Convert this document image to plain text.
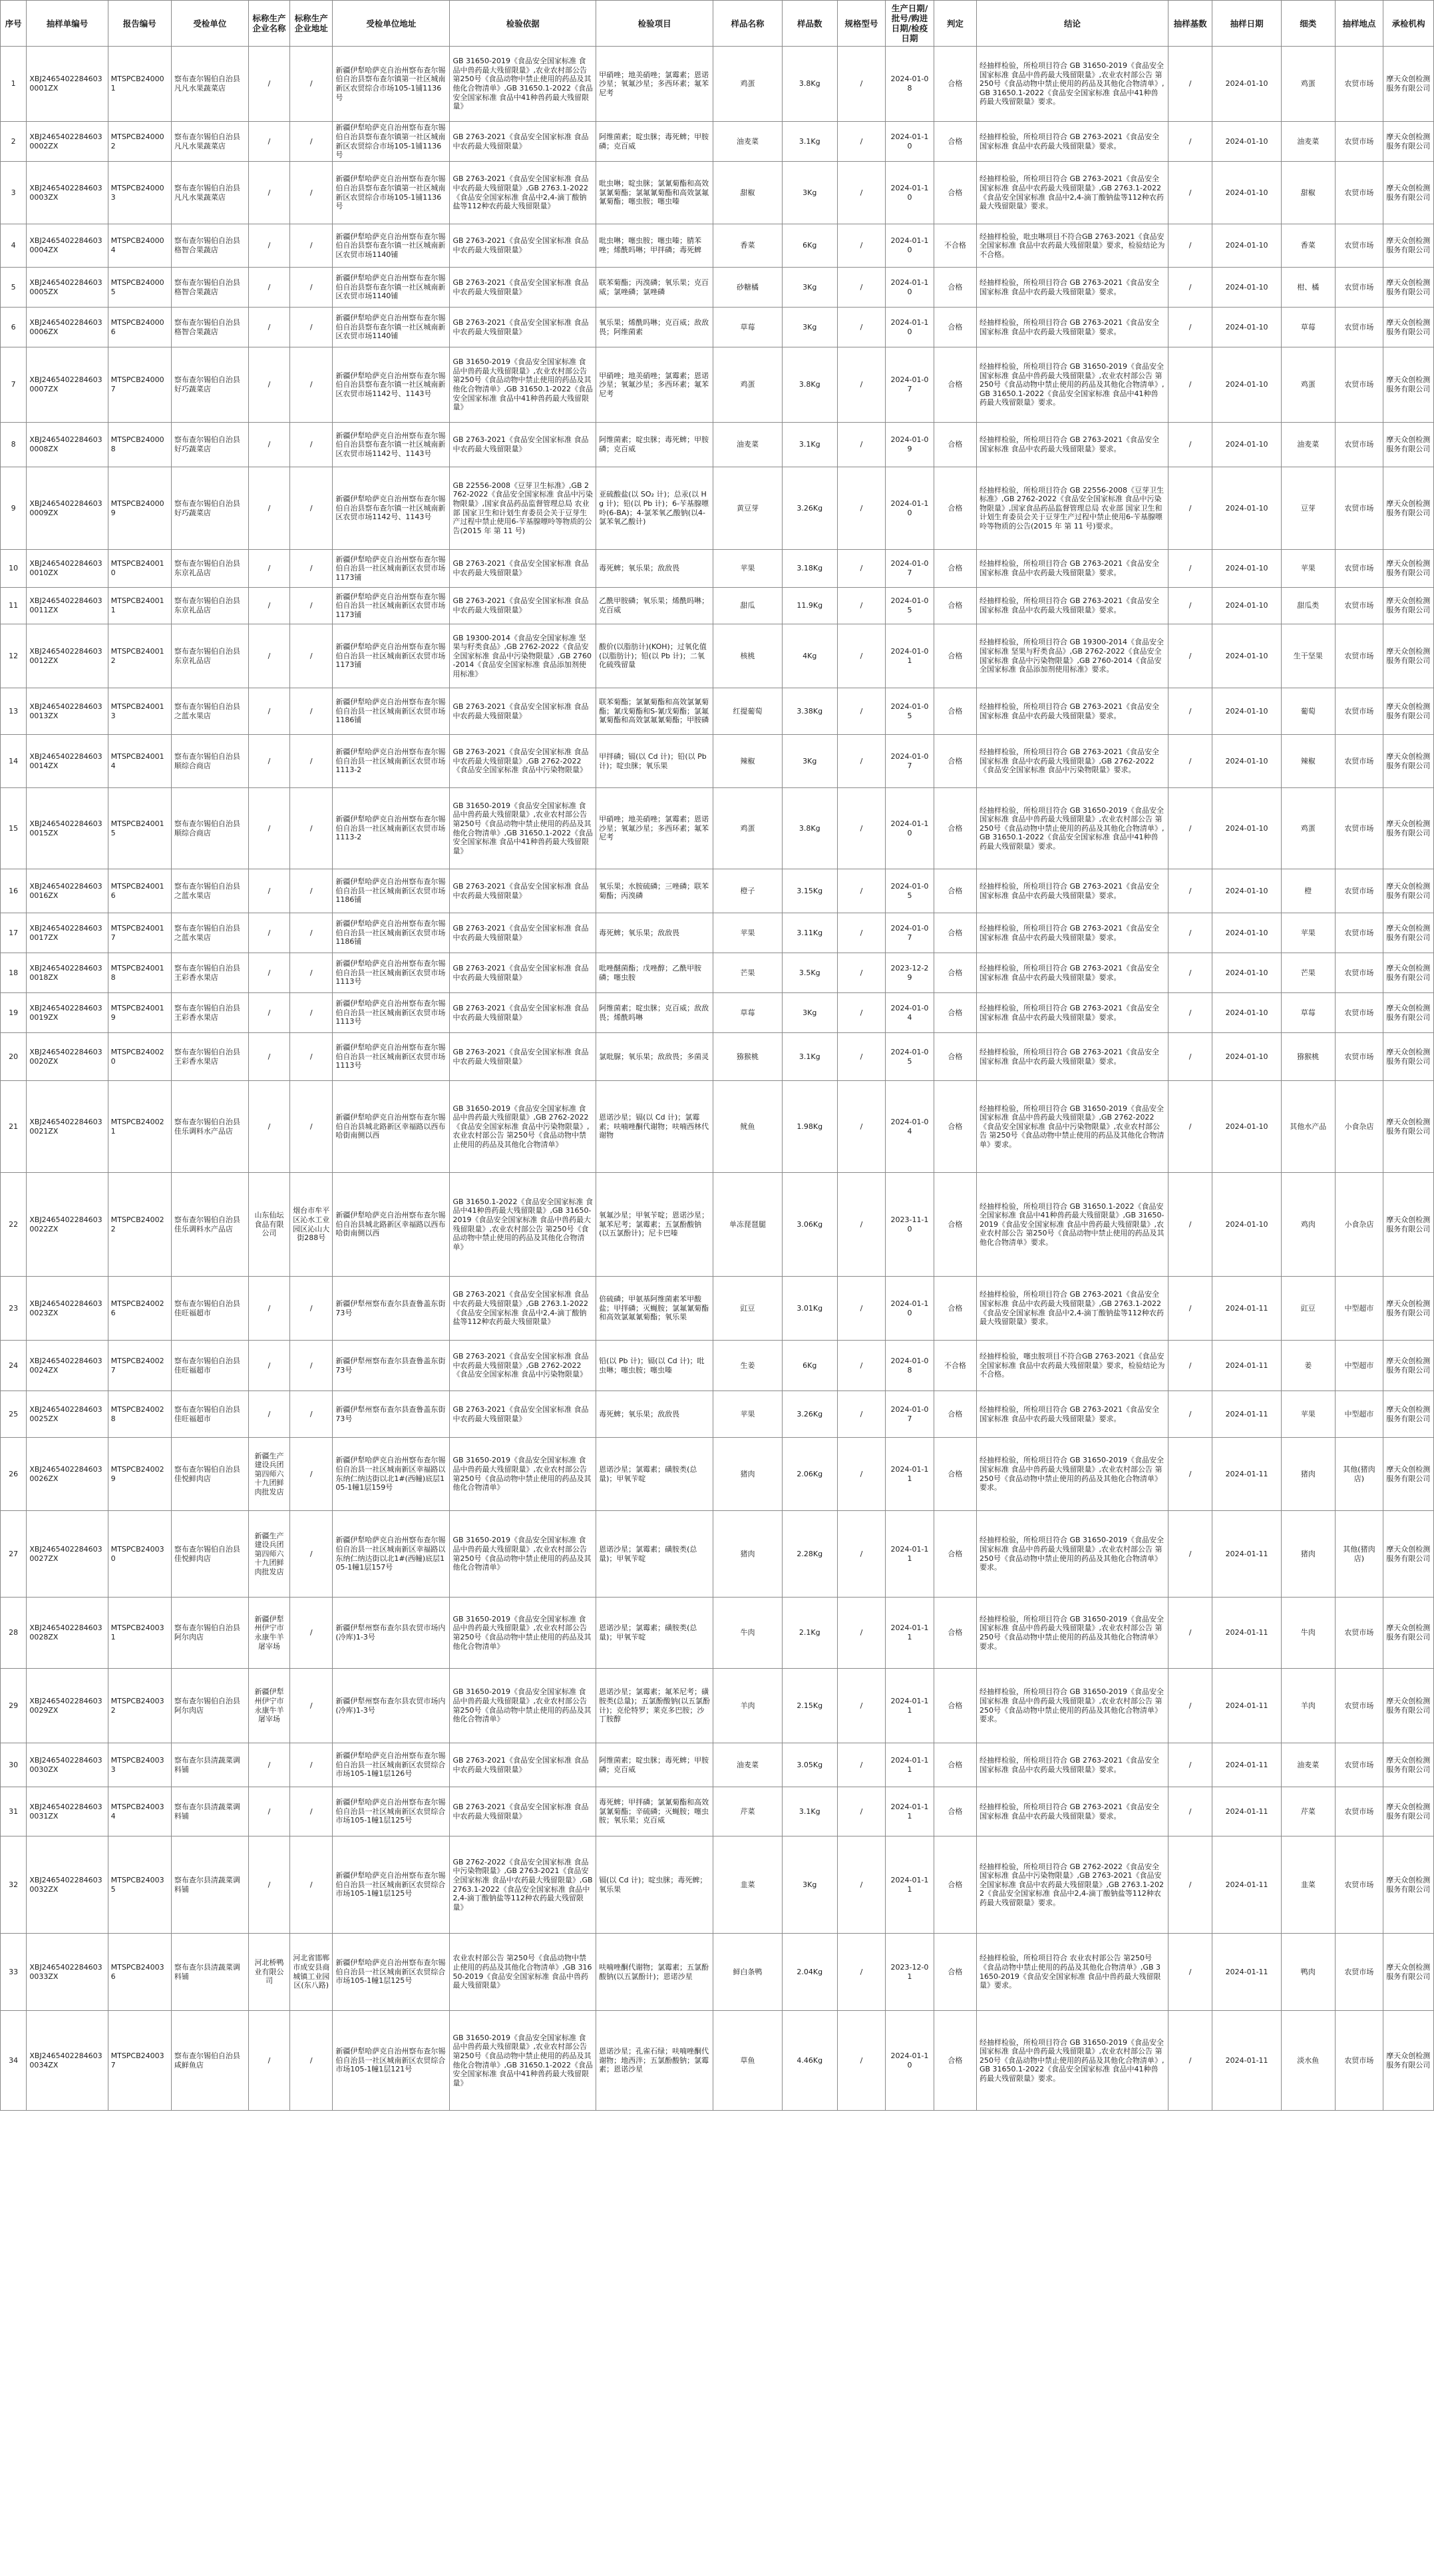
序号	抽样单编号	报告编号	受检单位	标称生产企业名称	标称生产企业地址	受检单位地址	检验依据	检验项目	样品名称	样品数	规格型号	生产日期/批号/购进日期/检疫日期	判定	结论	抽样基数	抽样日期	细类	抽样地点	承检机构
1	XBJ24654022846030001ZX	MTSPCB240001	察布查尔锡伯自治县凡凡水果蔬菜店	/	/	新疆伊犁哈萨克自治州察布查尔锡伯自治县察布查尔镇第一社区城南新区农贸综合市场105-1铺1136号	GB 31650-2019《食品安全国家标准 食品中兽药最大残留限量》,农业农村部公告 第250号《食品动物中禁止使用的药品及其他化合物清单》,GB 31650.1-2022《食品安全国家标准 食品中41种兽药最大残留限量》	甲硝唑；地美硝唑；氯霉素；恩诺沙星；氧氟沙星；多西环素；氟苯尼考	鸡蛋	3.8Kg	/	2024-01-08	合格	经抽样检验，所检项目符合 GB 31650-2019《食品安全国家标准 食品中兽药最大残留限量》,农业农村部公告 第250号《食品动物中禁止使用的药品及其他化合物清单》,GB 31650.1-2022《食品安全国家标准 食品中41种兽药最大残留限量》要求。	/	2024-01-10	鸡蛋	农贸市场	摩天众创检测服务有限公司
2	XBJ24654022846030002ZX	MTSPCB240002	察布查尔锡伯自治县凡凡水果蔬菜店	/	/	新疆伊犁哈萨克自治州察布查尔锡伯自治县察布查尔镇第一社区城南新区农贸综合市场105-1铺1136号	GB 2763-2021《食品安全国家标准 食品中农药最大残留限量》	阿维菌素；啶虫脒；毒死蜱；甲胺磷；克百威	油麦菜	3.1Kg	/	2024-01-10	合格	经抽样检验，所检项目符合 GB 2763-2021《食品安全国家标准 食品中农药最大残留限量》要求。	/	2024-01-10	油麦菜	农贸市场	摩天众创检测服务有限公司
3	XBJ24654022846030003ZX	MTSPCB240003	察布查尔锡伯自治县凡凡水果蔬菜店	/	/	新疆伊犁哈萨克自治州察布查尔锡伯自治县察布查尔镇第一社区城南新区农贸综合市场105-1铺1136号	GB 2763-2021《食品安全国家标准 食品中农药最大残留限量》,GB 2763.1-2022《食品安全国家标准 食品中2,4-滴丁酸钠盐等112种农药最大残留限量》	吡虫啉；啶虫脒；氯氰菊酯和高效氯氰菊酯；氯氟氰菊酯和高效氯氟氰菊酯；噻虫胺；噻虫嗪	甜椒	3Kg	/	2024-01-10	合格	经抽样检验，所检项目符合 GB 2763-2021《食品安全国家标准 食品中农药最大残留限量》,GB 2763.1-2022《食品安全国家标准 食品中2,4-滴丁酸钠盐等112种农药最大残留限量》要求。	/	2024-01-10	甜椒	农贸市场	摩天众创检测服务有限公司
4	XBJ24654022846030004ZX	MTSPCB240004	察布查尔锡伯自治县格智合果蔬店	/	/	新疆伊犁哈萨克自治州察布查尔锡伯自治县察布查尔镇一社区城南新区农贸市场1140铺	GB 2763-2021《食品安全国家标准 食品中农药最大残留限量》	吡虫啉；噻虫胺；噻虫嗪；腈苯唑；烯酰吗啉；甲拌磷；毒死蜱	香菜	6Kg	/	2024-01-10	不合格	经抽样检验，吡虫啉项目不符合GB 2763-2021《食品安全国家标准 食品中农药最大残留限量》要求，检验结论为不合格。	/	2024-01-10	香菜	农贸市场	摩天众创检测服务有限公司
5	XBJ24654022846030005ZX	MTSPCB240005	察布查尔锡伯自治县格智合果蔬店	/	/	新疆伊犁哈萨克自治州察布查尔锡伯自治县察布查尔镇一社区城南新区农贸市场1140铺	GB 2763-2021《食品安全国家标准 食品中农药最大残留限量》	联苯菊酯；丙溴磷；氧乐果；克百威；氯唑磷；氯唑磷	砂糖橘	3Kg	/	2024-01-10	合格	经抽样检验，所检项目符合 GB 2763-2021《食品安全国家标准 食品中农药最大残留限量》要求。	/	2024-01-10	柑、橘	农贸市场	摩天众创检测服务有限公司
6	XBJ24654022846030006ZX	MTSPCB240006	察布查尔锡伯自治县格智合果蔬店	/	/	新疆伊犁哈萨克自治州察布查尔锡伯自治县察布查尔镇一社区城南新区农贸市场1140铺	GB 2763-2021《食品安全国家标准 食品中农药最大残留限量》	氧乐果；烯酰吗啉；克百威；敌敌畏；阿维菌素	草莓	3Kg	/	2024-01-10	合格	经抽样检验，所检项目符合 GB 2763-2021《食品安全国家标准 食品中农药最大残留限量》要求。	/	2024-01-10	草莓	农贸市场	摩天众创检测服务有限公司
7	XBJ24654022846030007ZX	MTSPCB240007	察布查尔锡伯自治县好巧蔬菜店	/	/	新疆伊犁哈萨克自治州察布查尔锡伯自治县察布查尔镇一社区城南新区农贸市场1142号、1143号	GB 31650-2019《食品安全国家标准 食品中兽药最大残留限量》,农业农村部公告 第250号《食品动物中禁止使用的药品及其他化合物清单》,GB 31650.1-2022《食品安全国家标准 食品中41种兽药最大残留限量》	甲硝唑；地美硝唑；氯霉素；恩诺沙星；氧氟沙星；多西环素；氟苯尼考	鸡蛋	3.8Kg	/	2024-01-07	合格	经抽样检验，所检项目符合 GB 31650-2019《食品安全国家标准 食品中兽药最大残留限量》,农业农村部公告 第250号《食品动物中禁止使用的药品及其他化合物清单》,GB 31650.1-2022《食品安全国家标准 食品中41种兽药最大残留限量》要求。	/	2024-01-10	鸡蛋	农贸市场	摩天众创检测服务有限公司
8	XBJ24654022846030008ZX	MTSPCB240008	察布查尔锡伯自治县好巧蔬菜店	/	/	新疆伊犁哈萨克自治州察布查尔锡伯自治县察布查尔镇一社区城南新区农贸市场1142号、1143号	GB 2763-2021《食品安全国家标准 食品中农药最大残留限量》	阿维菌素；啶虫脒；毒死蜱；甲胺磷；克百威	油麦菜	3.1Kg	/	2024-01-09	合格	经抽样检验，所检项目符合 GB 2763-2021《食品安全国家标准 食品中农药最大残留限量》要求。	/	2024-01-10	油麦菜	农贸市场	摩天众创检测服务有限公司
9	XBJ24654022846030009ZX	MTSPCB240009	察布查尔锡伯自治县好巧蔬菜店	/	/	新疆伊犁哈萨克自治州察布查尔锡伯自治县察布查尔镇一社区城南新区农贸市场1142号、1143号	GB 22556-2008《豆芽卫生标准》,GB 2762-2022《食品安全国家标准 食品中污染物限量》,国家食品药品监督管理总局 农业部 国家卫生和计划生育委员会关于豆芽生产过程中禁止使用6-苄基腺嘌呤等物质的公告(2015 年 第 11 号)	亚硫酸盐(以 SO₂ 计)；总汞(以 Hg 计)；铅(以 Pb 计)；6-苄基腺嘌呤(6-BA)；4-氯苯氧乙酸钠(以4-氯苯氧乙酸计)	黄豆芽	3.26Kg	/	2024-01-10	合格	经抽样检验，所检项目符合 GB 22556-2008《豆芽卫生标准》,GB 2762-2022《食品安全国家标准 食品中污染物限量》,国家食品药品监督管理总局 农业部 国家卫生和计划生育委员会关于豆芽生产过程中禁止使用6-苄基腺嘌呤等物质的公告(2015 年 第 11 号)要求。	/	2024-01-10	豆芽	农贸市场	摩天众创检测服务有限公司
10	XBJ24654022846030010ZX	MTSPCB240010	察布查尔锡伯自治县东京礼品店	/	/	新疆伊犁哈萨克自治州察布查尔锡伯自治县一社区城南新区农贸市场1173铺	GB 2763-2021《食品安全国家标准 食品中农药最大残留限量》	毒死蜱；氧乐果；敌敌畏	苹果	3.18Kg	/	2024-01-07	合格	经抽样检验，所检项目符合 GB 2763-2021《食品安全国家标准 食品中农药最大残留限量》要求。	/	2024-01-10	苹果	农贸市场	摩天众创检测服务有限公司
11	XBJ24654022846030011ZX	MTSPCB240011	察布查尔锡伯自治县东京礼品店	/	/	新疆伊犁哈萨克自治州察布查尔锡伯自治县一社区城南新区农贸市场1173铺	GB 2763-2021《食品安全国家标准 食品中农药最大残留限量》	乙酰甲胺磷；氧乐果；烯酰吗啉；克百威	甜瓜	11.9Kg	/	2024-01-05	合格	经抽样检验，所检项目符合 GB 2763-2021《食品安全国家标准 食品中农药最大残留限量》要求。	/	2024-01-10	甜瓜类	农贸市场	摩天众创检测服务有限公司
12	XBJ24654022846030012ZX	MTSPCB240012	察布查尔锡伯自治县东京礼品店	/	/	新疆伊犁哈萨克自治州察布查尔锡伯自治县一社区城南新区农贸市场1173铺	GB 19300-2014《食品安全国家标准 坚果与籽类食品》,GB 2762-2022《食品安全国家标准 食品中污染物限量》,GB 2760-2014《食品安全国家标准 食品添加剂使用标准》	酸价(以脂肪计)(KOH)；过氧化值(以脂肪计)；铅(以 Pb 计)；二氧化硫残留量	核桃	4Kg	/	2024-01-01	合格	经抽样检验，所检项目符合 GB 19300-2014《食品安全国家标准 坚果与籽类食品》,GB 2762-2022《食品安全国家标准 食品中污染物限量》,GB 2760-2014《食品安全国家标准 食品添加剂使用标准》要求。	/	2024-01-10	生干坚果	农贸市场	摩天众创检测服务有限公司
13	XBJ24654022846030013ZX	MTSPCB240013	察布查尔锡伯自治县之蓝水果店	/	/	新疆伊犁哈萨克自治州察布查尔锡伯自治县一社区城南新区农贸市场1186铺	GB 2763-2021《食品安全国家标准 食品中农药最大残留限量》	联苯菊酯；氯氰菊酯和高效氯氰菊酯；氰戊菊酯和S-氰戊菊酯；氯氟氰菊酯和高效氯氟氰菊酯；甲胺磷	红提葡萄	3.38Kg	/	2024-01-05	合格	经抽样检验，所检项目符合 GB 2763-2021《食品安全国家标准 食品中农药最大残留限量》要求。	/	2024-01-10	葡萄	农贸市场	摩天众创检测服务有限公司
14	XBJ24654022846030014ZX	MTSPCB240014	察布查尔锡伯自治县顺综合商店	/	/	新疆伊犁哈萨克自治州察布查尔锡伯自治县一社区城南新区农贸市场1113-2	GB 2763-2021《食品安全国家标准 食品中农药最大残留限量》,GB 2762-2022《食品安全国家标准 食品中污染物限量》	甲拌磷；镉(以 Cd 计)；铅(以 Pb 计)；啶虫脒；氧乐果	辣椒	3Kg	/	2024-01-07	合格	经抽样检验，所检项目符合 GB 2763-2021《食品安全国家标准 食品中农药最大残留限量》,GB 2762-2022《食品安全国家标准 食品中污染物限量》要求。	/	2024-01-10	辣椒	农贸市场	摩天众创检测服务有限公司
15	XBJ24654022846030015ZX	MTSPCB240015	察布查尔锡伯自治县顺综合商店	/	/	新疆伊犁哈萨克自治州察布查尔锡伯自治县一社区城南新区农贸市场1113-2	GB 31650-2019《食品安全国家标准 食品中兽药最大残留限量》,农业农村部公告 第250号《食品动物中禁止使用的药品及其他化合物清单》,GB 31650.1-2022《食品安全国家标准 食品中41种兽药最大残留限量》	甲硝唑；地美硝唑；氯霉素；恩诺沙星；氧氟沙星；多西环素；氟苯尼考	鸡蛋	3.8Kg	/	2024-01-10	合格	经抽样检验，所检项目符合 GB 31650-2019《食品安全国家标准 食品中兽药最大残留限量》,农业农村部公告 第250号《食品动物中禁止使用的药品及其他化合物清单》,GB 31650.1-2022《食品安全国家标准 食品中41种兽药最大残留限量》要求。	/	2024-01-10	鸡蛋	农贸市场	摩天众创检测服务有限公司
16	XBJ24654022846030016ZX	MTSPCB240016	察布查尔锡伯自治县之蓝水果店	/	/	新疆伊犁哈萨克自治州察布查尔锡伯自治县一社区城南新区农贸市场1186铺	GB 2763-2021《食品安全国家标准 食品中农药最大残留限量》	氧乐果；水胺硫磷；三唑磷；联苯菊酯；丙溴磷	橙子	3.15Kg	/	2024-01-05	合格	经抽样检验，所检项目符合 GB 2763-2021《食品安全国家标准 食品中农药最大残留限量》要求。	/	2024-01-10	橙	农贸市场	摩天众创检测服务有限公司
17	XBJ24654022846030017ZX	MTSPCB240017	察布查尔锡伯自治县之蓝水果店	/	/	新疆伊犁哈萨克自治州察布查尔锡伯自治县一社区城南新区农贸市场1186铺	GB 2763-2021《食品安全国家标准 食品中农药最大残留限量》	毒死蜱；氧乐果；敌敌畏	苹果	3.11Kg	/	2024-01-07	合格	经抽样检验，所检项目符合 GB 2763-2021《食品安全国家标准 食品中农药最大残留限量》要求。	/	2024-01-10	苹果	农贸市场	摩天众创检测服务有限公司
18	XBJ24654022846030018ZX	MTSPCB240018	察布查尔锡伯自治县王彩香水果店	/	/	新疆伊犁哈萨克自治州察布查尔锡伯自治县一社区城南新区农贸市场1113号	GB 2763-2021《食品安全国家标准 食品中农药最大残留限量》	吡唑醚菌酯；戊唑醇；乙酰甲胺磷；噻虫胺	芒果	3.5Kg	/	2023-12-29	合格	经抽样检验，所检项目符合 GB 2763-2021《食品安全国家标准 食品中农药最大残留限量》要求。	/	2024-01-10	芒果	农贸市场	摩天众创检测服务有限公司
19	XBJ24654022846030019ZX	MTSPCB240019	察布查尔锡伯自治县王彩香水果店	/	/	新疆伊犁哈萨克自治州察布查尔锡伯自治县一社区城南新区农贸市场1113号	GB 2763-2021《食品安全国家标准 食品中农药最大残留限量》	阿维菌素；啶虫脒；克百威；敌敌畏；烯酰吗啉	草莓	3Kg	/	2024-01-04	合格	经抽样检验，所检项目符合 GB 2763-2021《食品安全国家标准 食品中农药最大残留限量》要求。	/	2024-01-10	草莓	农贸市场	摩天众创检测服务有限公司
20	XBJ24654022846030020ZX	MTSPCB240020	察布查尔锡伯自治县王彩香水果店	/	/	新疆伊犁哈萨克自治州察布查尔锡伯自治县一社区城南新区农贸市场1113号	GB 2763-2021《食品安全国家标准 食品中农药最大残留限量》	氯吡脲；氧乐果；敌敌畏；多菌灵	猕猴桃	3.1Kg	/	2024-01-05	合格	经抽样检验，所检项目符合 GB 2763-2021《食品安全国家标准 食品中农药最大残留限量》要求。	/	2024-01-10	猕猴桃	农贸市场	摩天众创检测服务有限公司
21	XBJ24654022846030021ZX	MTSPCB240021	察布查尔锡伯自治县佳乐调料水产品店	/	/	新疆伊犁哈萨克自治州察布查尔锡伯自治县城北路新区幸福路以西布哈街南侧以西	GB 31650-2019《食品安全国家标准 食品中兽药最大残留限量》,GB 2762-2022《食品安全国家标准 食品中污染物限量》,农业农村部公告 第250号《食品动物中禁止使用的药品及其他化合物清单》	恩诺沙星；镉(以 Cd 计)；氯霉素；呋喃唑酮代谢物；呋喃西林代谢物	鱿鱼	1.98Kg	/	2024-01-04	合格	经抽样检验，所检项目符合 GB 31650-2019《食品安全国家标准 食品中兽药最大残留限量》,GB 2762-2022《食品安全国家标准 食品中污染物限量》,农业农村部公告 第250号《食品动物中禁止使用的药品及其他化合物清单》要求。	/	2024-01-10	其他水产品	小食杂店	摩天众创检测服务有限公司
22	XBJ24654022846030022ZX	MTSPCB240022	察布查尔锡伯自治县佳乐调料水产品店	山东仙坛食品有限公司	烟台市牟平区沁水工业园区沁山大街288号	新疆伊犁哈萨克自治州察布查尔锡伯自治县城北路新区幸福路以西布哈街南侧以西	GB 31650.1-2022《食品安全国家标准 食品中41种兽药最大残留限量》,GB 31650-2019《食品安全国家标准 食品中兽药最大残留限量》,农业农村部公告 第250号《食品动物中禁止使用的药品及其他化合物清单》	氧氟沙星；甲氧苄啶；恩诺沙星；氟苯尼考；氯霉素；五氯酚酸钠(以五氯酚计)；尼卡巴嗪	单冻琵琶腿	3.06Kg	/	2023-11-10	合格	经抽样检验，所检项目符合 GB 31650.1-2022《食品安全国家标准 食品中41种兽药最大残留限量》,GB 31650-2019《食品安全国家标准 食品中兽药最大残留限量》,农业农村部公告 第250号《食品动物中禁止使用的药品及其他化合物清单》要求。	/	2024-01-10	鸡肉	小食杂店	摩天众创检测服务有限公司
23	XBJ24654022846030023ZX	MTSPCB240026	察布查尔锡伯自治县佳旺福超市	/	/	新疆伊犁州察布查尔县查鲁盖东街73号	GB 2763-2021《食品安全国家标准 食品中农药最大残留限量》,GB 2763.1-2022《食品安全国家标准 食品中2,4-滴丁酸钠盐等112种农药最大残留限量》	倍硫磷；甲氨基阿维菌素苯甲酸盐；甲拌磷；灭蝇胺；氯氟氰菊酯和高效氯氟氰菊酯；氧乐果	豇豆	3.01Kg	/	2024-01-10	合格	经抽样检验，所检项目符合 GB 2763-2021《食品安全国家标准 食品中农药最大残留限量》,GB 2763.1-2022《食品安全国家标准 食品中2,4-滴丁酸钠盐等112种农药最大残留限量》要求。	/	2024-01-11	豇豆	中型超市	摩天众创检测服务有限公司
24	XBJ24654022846030024ZX	MTSPCB240027	察布查尔锡伯自治县佳旺福超市	/	/	新疆伊犁州察布查尔县查鲁盖东街73号	GB 2763-2021《食品安全国家标准 食品中农药最大残留限量》,GB 2762-2022《食品安全国家标准 食品中污染物限量》	铅(以 Pb 计)；镉(以 Cd 计)；吡虫啉；噻虫胺；噻虫嗪	生姜	6Kg	/	2024-01-08	不合格	经抽样检验，噻虫胺项目不符合GB 2763-2021《食品安全国家标准 食品中农药最大残留限量》要求，检验结论为不合格。	/	2024-01-11	姜	中型超市	摩天众创检测服务有限公司
25	XBJ24654022846030025ZX	MTSPCB240028	察布查尔锡伯自治县佳旺福超市	/	/	新疆伊犁州察布查尔县查鲁盖东街73号	GB 2763-2021《食品安全国家标准 食品中农药最大残留限量》	毒死蜱；氧乐果；敌敌畏	苹果	3.26Kg	/	2024-01-07	合格	经抽样检验，所检项目符合 GB 2763-2021《食品安全国家标准 食品中农药最大残留限量》要求。	/	2024-01-11	苹果	中型超市	摩天众创检测服务有限公司
26	XBJ24654022846030026ZX	MTSPCB240029	察布查尔锡伯自治县佳悦鲜肉店	新疆生产建设兵团第四师六十九团鲜肉批发店	/	新疆伊犁哈萨克自治州察布查尔锡伯自治县一社区城南新区幸福路以东纳仁纳达街以北1#(西幢)底层105-1幢1层159号	GB 31650-2019《食品安全国家标准 食品中兽药最大残留限量》,农业农村部公告 第250号《食品动物中禁止使用的药品及其他化合物清单》	恩诺沙星；氯霉素；磺胺类(总量)；甲氧苄啶	猪肉	2.06Kg	/	2024-01-11	合格	经抽样检验，所检项目符合 GB 31650-2019《食品安全国家标准 食品中兽药最大残留限量》,农业农村部公告 第250号《食品动物中禁止使用的药品及其他化合物清单》要求。	/	2024-01-11	猪肉	其他(猪肉店)	摩天众创检测服务有限公司
27	XBJ24654022846030027ZX	MTSPCB240030	察布查尔锡伯自治县佳悦鲜肉店	新疆生产建设兵团第四师六十九团鲜肉批发店	/	新疆伊犁哈萨克自治州察布查尔锡伯自治县一社区城南新区幸福路以东纳仁纳达街以北1#(西幢)底层105-1幢1层157号	GB 31650-2019《食品安全国家标准 食品中兽药最大残留限量》,农业农村部公告 第250号《食品动物中禁止使用的药品及其他化合物清单》	恩诺沙星；氯霉素；磺胺类(总量)；甲氧苄啶	猪肉	2.28Kg	/	2024-01-11	合格	经抽样检验，所检项目符合 GB 31650-2019《食品安全国家标准 食品中兽药最大残留限量》,农业农村部公告 第250号《食品动物中禁止使用的药品及其他化合物清单》要求。	/	2024-01-11	猪肉	其他(猪肉店)	摩天众创检测服务有限公司
28	XBJ24654022846030028ZX	MTSPCB240031	察布查尔锡伯自治县阿尔肉店	新疆伊犁州伊宁市永康牛羊屠宰场	/	新疆伊犁州察布查尔县农贸市场内(冷库)1-3号	GB 31650-2019《食品安全国家标准 食品中兽药最大残留限量》,农业农村部公告 第250号《食品动物中禁止使用的药品及其他化合物清单》	恩诺沙星；氯霉素；磺胺类(总量)；甲氧苄啶	牛肉	2.1Kg	/	2024-01-11	合格	经抽样检验，所检项目符合 GB 31650-2019《食品安全国家标准 食品中兽药最大残留限量》,农业农村部公告 第250号《食品动物中禁止使用的药品及其他化合物清单》要求。	/	2024-01-11	牛肉	农贸市场	摩天众创检测服务有限公司
29	XBJ24654022846030029ZX	MTSPCB240032	察布查尔锡伯自治县阿尔肉店	新疆伊犁州伊宁市永康牛羊屠宰场	/	新疆伊犁州察布查尔县农贸市场内(冷库)1-3号	GB 31650-2019《食品安全国家标准 食品中兽药最大残留限量》,农业农村部公告 第250号《食品动物中禁止使用的药品及其他化合物清单》	恩诺沙星；氯霉素；氟苯尼考；磺胺类(总量)；五氯酚酸钠(以五氯酚计)；克伦特罗；莱克多巴胺；沙丁胺醇	羊肉	2.15Kg	/	2024-01-11	合格	经抽样检验，所检项目符合 GB 31650-2019《食品安全国家标准 食品中兽药最大残留限量》,农业农村部公告 第250号《食品动物中禁止使用的药品及其他化合物清单》要求。	/	2024-01-11	羊肉	农贸市场	摩天众创检测服务有限公司
30	XBJ24654022846030030ZX	MTSPCB240033	察布查尔县清蔬菜调料铺	/	/	新疆伊犁哈萨克自治州察布查尔锡伯自治县一社区城南新区农贸综合市场105-1幢1层126号	GB 2763-2021《食品安全国家标准 食品中农药最大残留限量》	阿维菌素；啶虫脒；毒死蜱；甲胺磷；克百威	油麦菜	3.05Kg	/	2024-01-11	合格	经抽样检验，所检项目符合 GB 2763-2021《食品安全国家标准 食品中农药最大残留限量》要求。	/	2024-01-11	油麦菜	农贸市场	摩天众创检测服务有限公司
31	XBJ24654022846030031ZX	MTSPCB240034	察布查尔县清蔬菜调料铺	/	/	新疆伊犁哈萨克自治州察布查尔锡伯自治县一社区城南新区农贸综合市场105-1幢1层125号	GB 2763-2021《食品安全国家标准 食品中农药最大残留限量》	毒死蜱；甲拌磷；氯氰菊酯和高效氯氰菊酯；辛硫磷；灭蝇胺；噻虫胺；氧乐果；克百威	芹菜	3.1Kg	/	2024-01-11	合格	经抽样检验，所检项目符合 GB 2763-2021《食品安全国家标准 食品中农药最大残留限量》要求。	/	2024-01-11	芹菜	农贸市场	摩天众创检测服务有限公司
32	XBJ24654022846030032ZX	MTSPCB240035	察布查尔县清蔬菜调料铺	/	/	新疆伊犁哈萨克自治州察布查尔锡伯自治县一社区城南新区农贸综合市场105-1幢1层125号	GB 2762-2022《食品安全国家标准 食品中污染物限量》,GB 2763-2021《食品安全国家标准 食品中农药最大残留限量》,GB 2763.1-2022《食品安全国家标准 食品中2,4-滴丁酸钠盐等112种农药最大残留限量》	镉(以 Cd 计)；啶虫脒；毒死蜱；氧乐果	韭菜	3Kg	/	2024-01-11	合格	经抽样检验，所检项目符合 GB 2762-2022《食品安全国家标准 食品中污染物限量》,GB 2763-2021《食品安全国家标准 食品中农药最大残留限量》,GB 2763.1-2022《食品安全国家标准 食品中2,4-滴丁酸钠盐等112种农药最大残留限量》要求。	/	2024-01-11	韭菜	农贸市场	摩天众创检测服务有限公司
33	XBJ24654022846030033ZX	MTSPCB240036	察布查尔县清蔬菜调料铺	河北桥鸭业有限公司	河北省邯郸市成安县商城镇工业园区(东八路)	新疆伊犁哈萨克自治州察布查尔锡伯自治县一社区城南新区农贸综合市场105-1幢1层125号	农业农村部公告 第250号《食品动物中禁止使用的药品及其他化合物清单》,GB 31650-2019《食品安全国家标准 食品中兽药最大残留限量》	呋喃唑酮代谢物；氯霉素；五氯酚酸钠(以五氯酚计)；恩诺沙星	鲜白条鸭	2.04Kg	/	2023-12-01	合格	经抽样检验，所检项目符合 农业农村部公告 第250号《食品动物中禁止使用的药品及其他化合物清单》,GB 31650-2019《食品安全国家标准 食品中兽药最大残留限量》要求。	/	2024-01-11	鸭肉	农贸市场	摩天众创检测服务有限公司
34	XBJ24654022846030034ZX	MTSPCB240037	察布查尔锡伯自治县咸鲜鱼店	/	/	新疆伊犁哈萨克自治州察布查尔锡伯自治县一社区城南新区农贸综合市场105-1幢1层121号	GB 31650-2019《食品安全国家标准 食品中兽药最大残留限量》,农业农村部公告 第250号《食品动物中禁止使用的药品及其他化合物清单》,GB 31650.1-2022《食品安全国家标准 食品中41种兽药最大残留限量》	恩诺沙星；孔雀石绿；呋喃唑酮代谢物；地西泮；五氯酚酸钠；氯霉素；恩诺沙星	草鱼	4.46Kg	/	2024-01-10	合格	经抽样检验，所检项目符合 GB 31650-2019《食品安全国家标准 食品中兽药最大残留限量》,农业农村部公告 第250号《食品动物中禁止使用的药品及其他化合物清单》,GB 31650.1-2022《食品安全国家标准 食品中41种兽药最大残留限量》要求。	/	2024-01-11	淡水鱼	农贸市场	摩天众创检测服务有限公司
